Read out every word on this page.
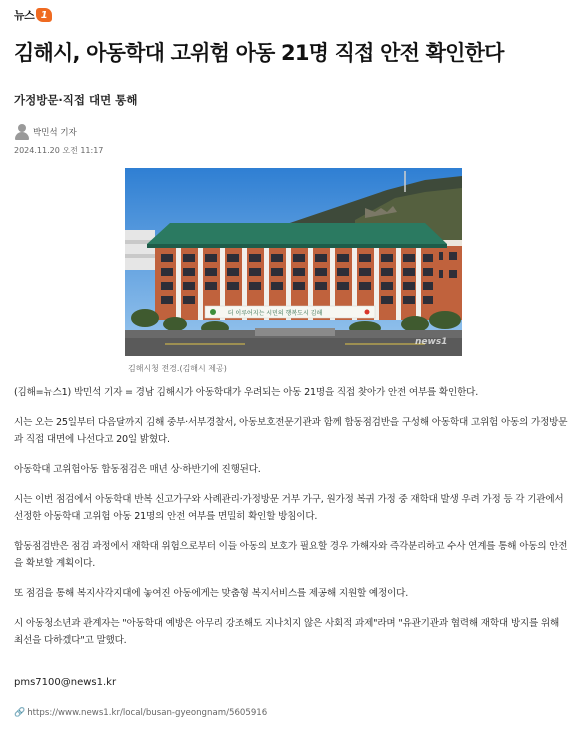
뉴스 1
김해시, 아동학대 고위험 아동 21명 직접 안전 확인한다
가정방문·직접 대면 통해
박민석 기자
2024.11.20 오전 11:17
더 이루어지는 시민의 행복도시 김해
news1
김해시청 전경.(김해시 제공)

(김해=뉴스1) 박민석 기자 = 경남 김해시가 아동학대가 우려되는 아동 21명을 직접 찾아가 안전 여부를 확인한다.

시는 오는 25일부터 다음달까지 김해 중부·서부경찰서, 아동보호전문기관과 함께 합동점검반을 구성해 아동학대 고위험 아동의 가정방문과 직접 대면에 나선다고 20일 밝혔다.

아동학대 고위험아동 합동점검은 매년 상·하반기에 진행된다.

시는 이번 점검에서 아동학대 반복 신고가구와 사례관리·가정방문 거부 가구, 원가정 복귀 가정 중 재학대 발생 우려 가정 등 각 기관에서 선정한 아동학대 고위험 아동 21명의 안전 여부를 면밀히 확인할 방침이다.

합동점검반은 점검 과정에서 재학대 위험으로부터 이들 아동의 보호가 필요할 경우 가해자와 즉각분리하고 수사 연계를 통해 아동의 안전을 확보할 계획이다.

또 점검을 통해 복지사각지대에 놓여진 아동에게는 맞춤형 복지서비스를 제공해 지원할 예정이다.

시 아동청소년과 관계자는 "아동학대 예방은 아무리 강조해도 지나치지 않은 사회적 과제"라며 "유관기관과 협력해 재학대 방지를 위해 최선을 다하겠다"고 말했다.

pms7100@news1.kr
🔗 https://www.news1.kr/local/busan-gyeongnam/5605916
